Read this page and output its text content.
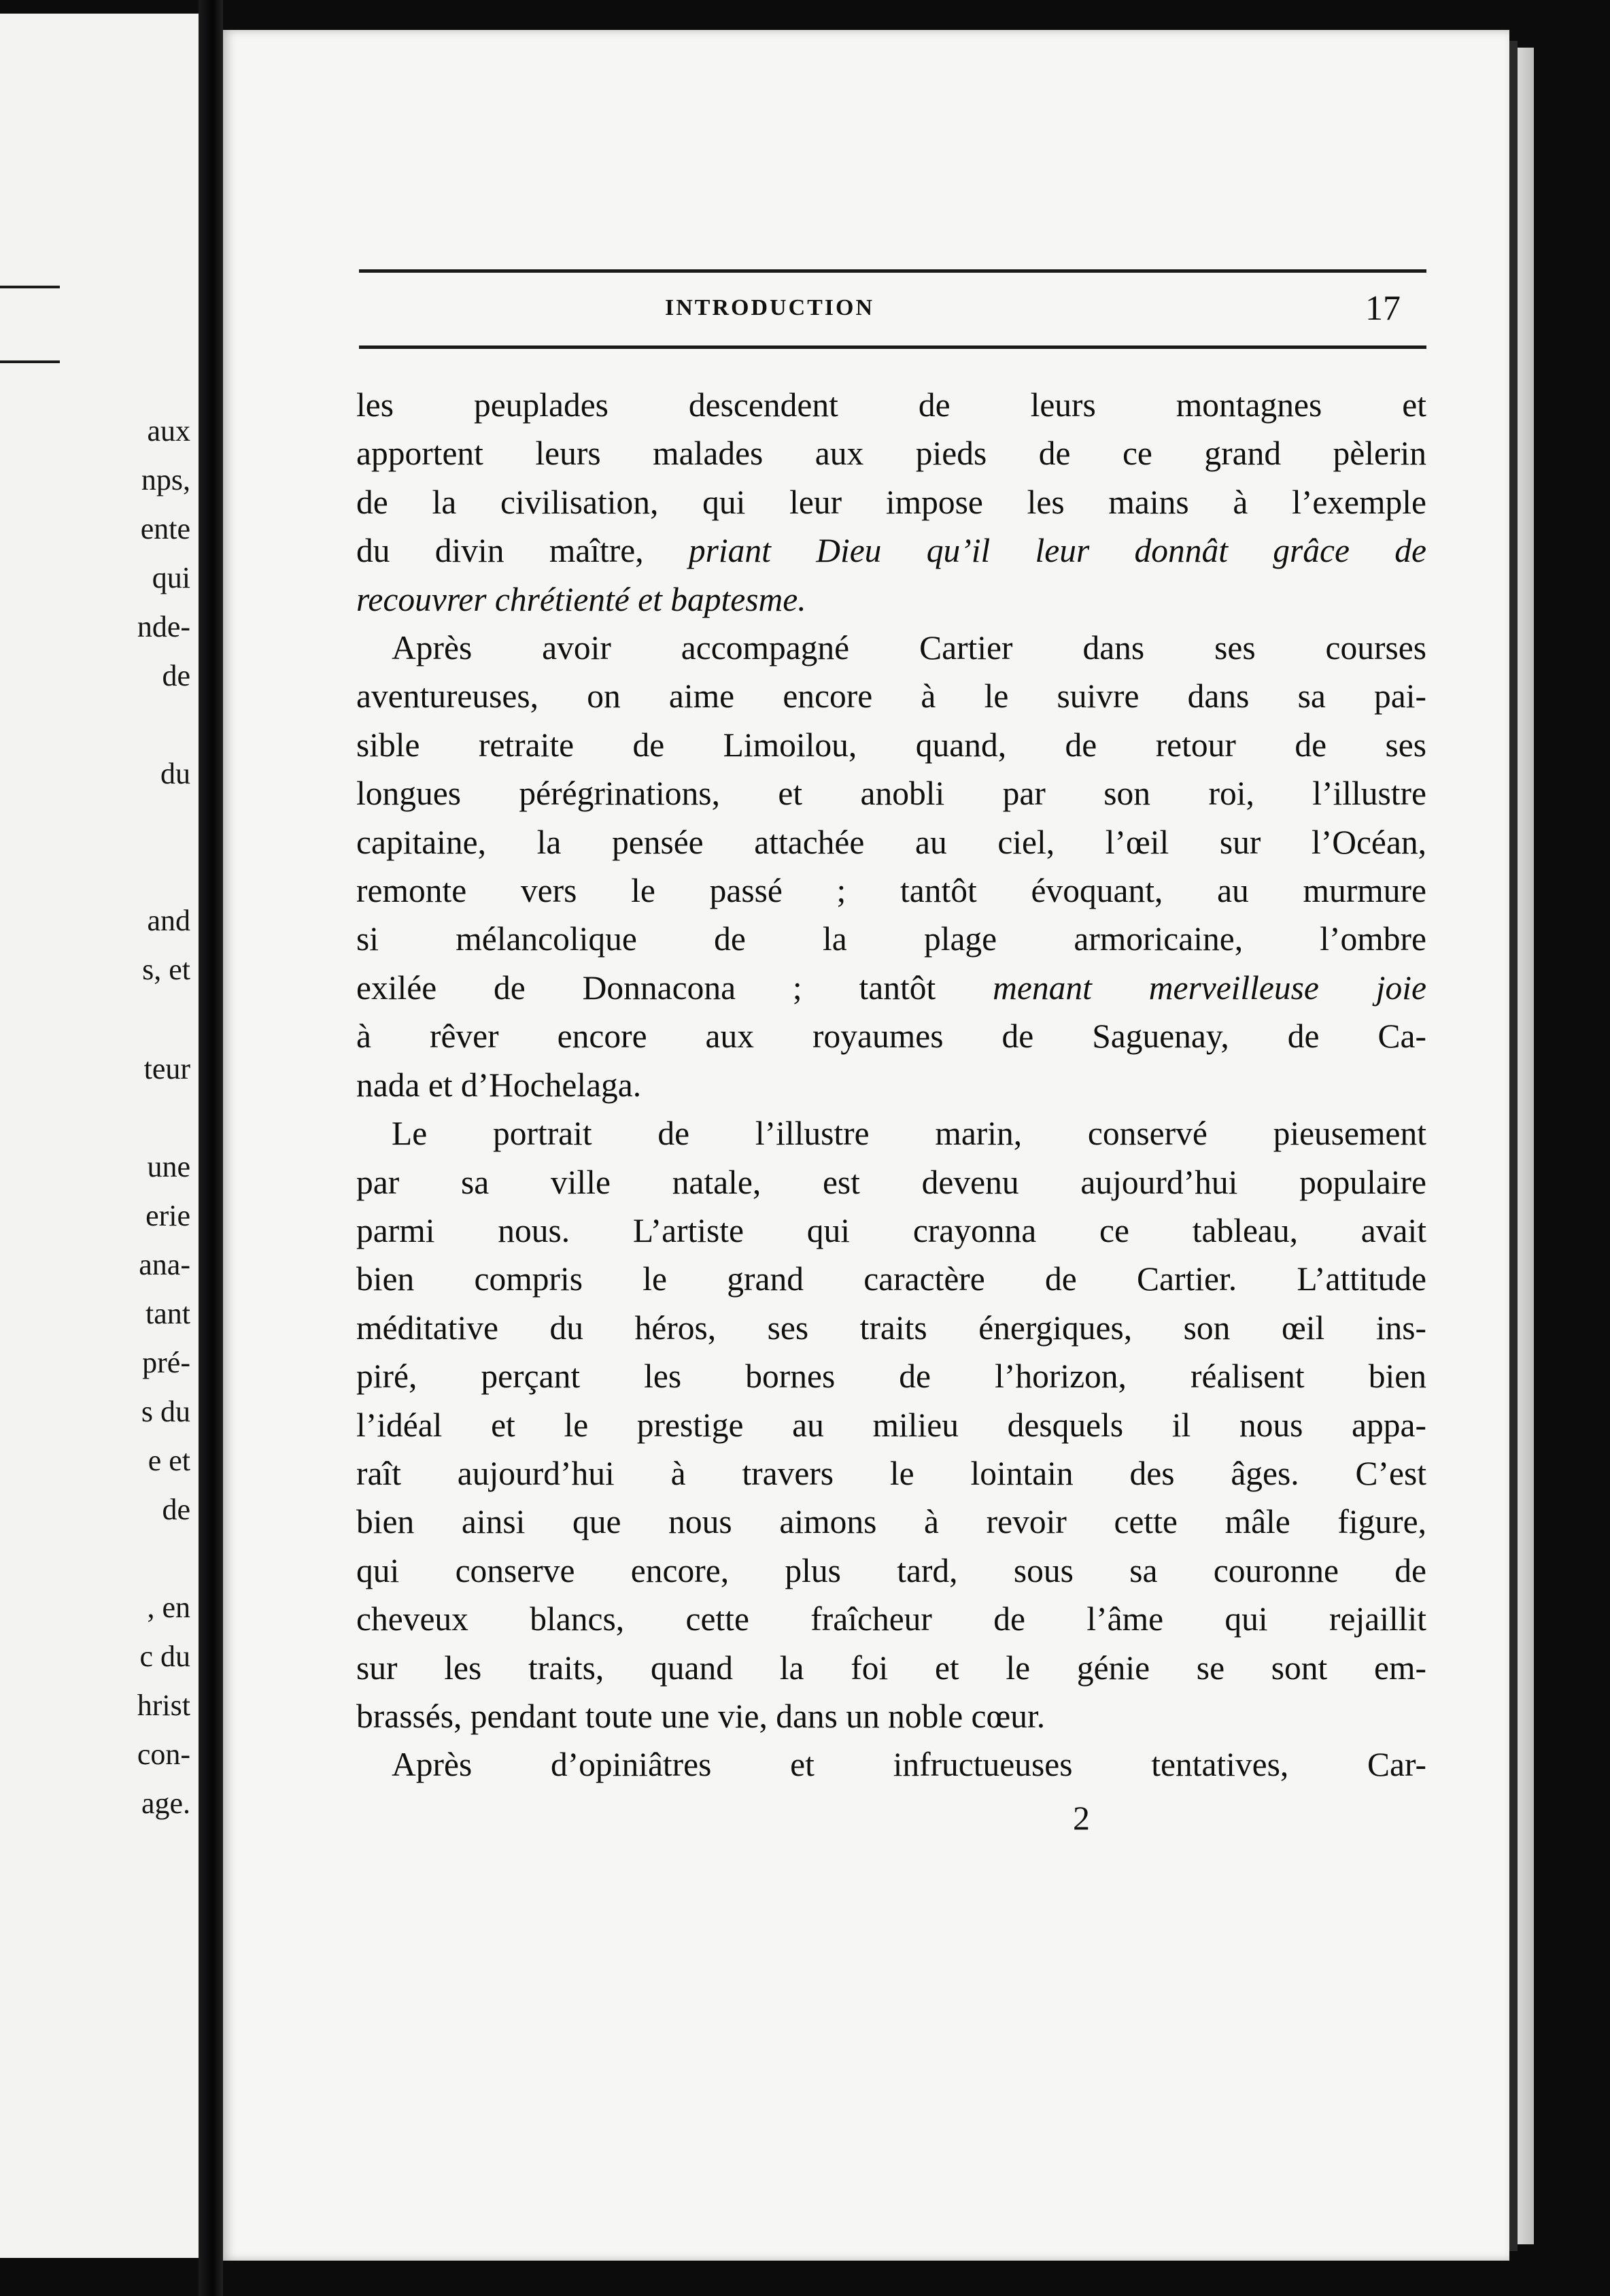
aux
nps,
ente
qui
nde-
de
du
and
s, et
teur
une
erie
ana-
tant
pré-
s du
e et
de
, en
c du
hrist
con-
age.
INTRODUCTION	17
les peuplades descendent de leurs montagnes et
apportent leurs malades aux pieds de ce grand pèlerin
de la civilisation, qui leur impose les mains à l’exemple
du divin maître, priant Dieu qu’il leur donnât grâce de
recouvrer chrétienté et baptesme.
Après avoir accompagné Cartier dans ses courses
aventureuses, on aime encore à le suivre dans sa pai-
sible retraite de Limoilou, quand, de retour de ses
longues pérégrinations, et anobli par son roi, l’illustre
capitaine, la pensée attachée au ciel, l’œil sur l’Océan,
remonte vers le passé ; tantôt évoquant, au murmure
si mélancolique de la plage armoricaine, l’ombre
exilée de Donnacona ; tantôt menant merveilleuse joie
à rêver encore aux royaumes de Saguenay, de Ca-
nada et d’Hochelaga.
Le portrait de l’illustre marin, conservé pieusement
par sa ville natale, est devenu aujourd’hui populaire
parmi nous. L’artiste qui crayonna ce tableau, avait
bien compris le grand caractère de Cartier. L’attitude
méditative du héros, ses traits énergiques, son œil ins-
piré, perçant les bornes de l’horizon, réalisent bien
l’idéal et le prestige au milieu desquels il nous appa-
raît aujourd’hui à travers le lointain des âges. C’est
bien ainsi que nous aimons à revoir cette mâle figure,
qui conserve encore, plus tard, sous sa couronne de
cheveux blancs, cette fraîcheur de l’âme qui rejaillit
sur les traits, quand la foi et le génie se sont em-
brassés, pendant toute une vie, dans un noble cœur.
Après d’opiniâtres et infructueuses tentatives, Car-
2
